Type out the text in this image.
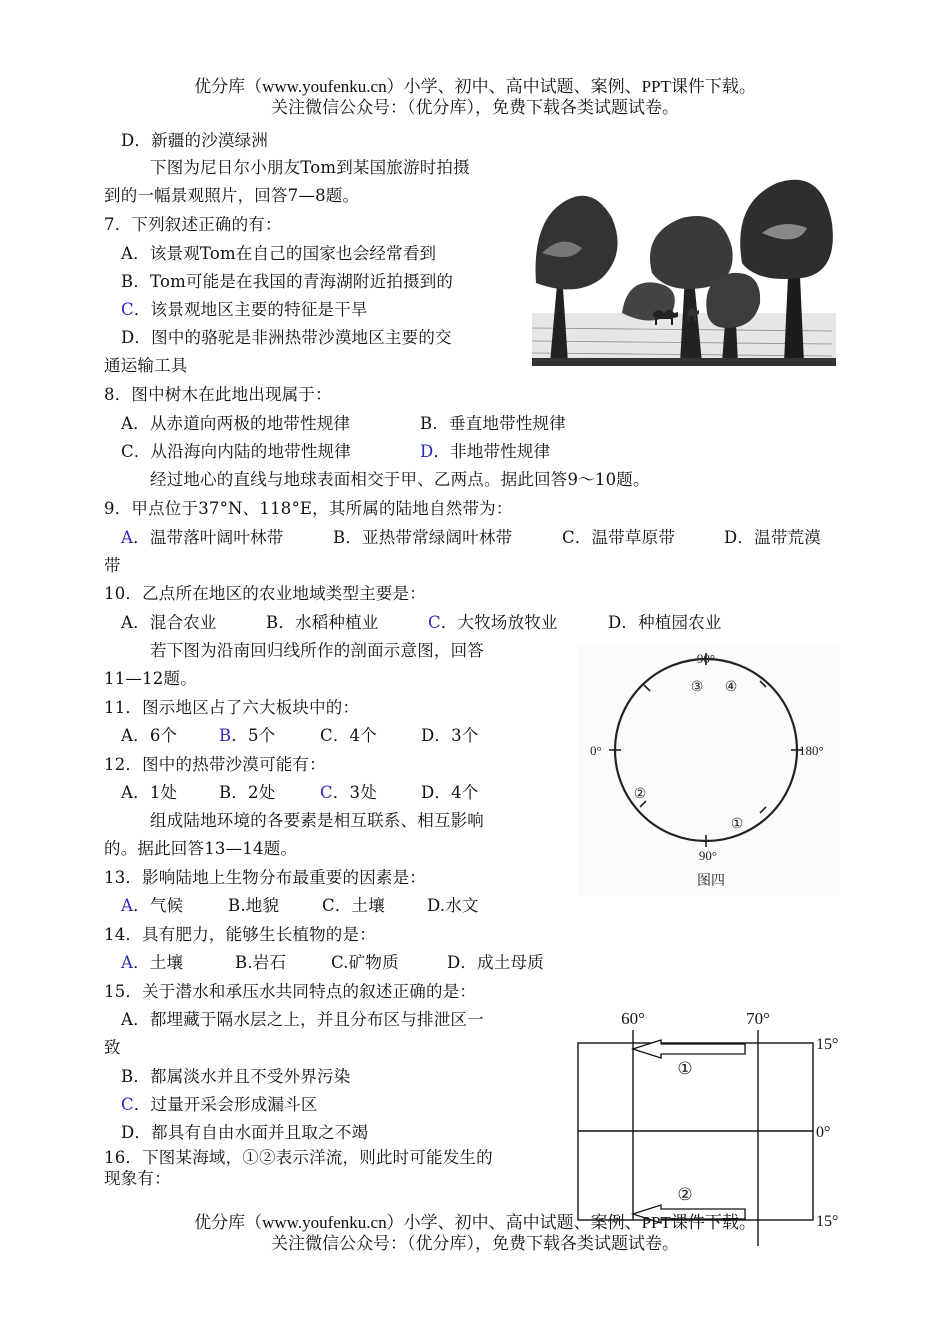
优分库（www.youfenku.cn）小学、初中、高中试题、案例、PPT课件下载。
关注微信公众号：（优分库），免费下载各类试题试卷。
D．新疆的沙漠绿洲
下图为尼日尔小朋友Tom到某国旅游时拍摄
到的一幅景观照片，回答7—8题。
7．下列叙述正确的有：
A．该景观Tom在自己的国家也会经常看到
B．Tom可能是在我国的青海湖附近拍摄到的
C．该景观地区主要的特征是干旱
D．图中的骆驼是非洲热带沙漠地区主要的交
通运输工具
8．图中树木在此地出现属于：
A．从赤道向两极的地带性规律	B．垂直地带性规律
C．从沿海向内陆的地带性规律	D．非地带性规律
经过地心的直线与地球表面相交于甲、乙两点。据此回答9～10题。
9．甲点位于37°N、118°E，其所属的陆地自然带为：
A．温带落叶阔叶林带	B．亚热带常绿阔叶林带	C．温带草原带	D．温带荒漠
带
10．乙点所在地区的农业地域类型主要是：
A．混合农业	B．水稻种植业	C．大牧场放牧业	D．种植园农业
若下图为沿南回归线所作的剖面示意图，回答
11—12题。
11．图示地区占了六大板块中的：
A．6个	B．5个	C．4个	D．3个
12．图中的热带沙漠可能有：
A．1处	B．2处	C．3处	D．4个
组成陆地环境的各要素是相互联系、相互影响
的。据此回答13—14题。
13．影响陆地上生物分布最重要的因素是：
A．气候	B.地貌	C．土壤	D.水文
14．具有肥力，能够生长植物的是：
A．土壤	B.岩石	C.矿物质	D．成土母质
15．关于潜水和承压水共同特点的叙述正确的是：
A．都埋藏于隔水层之上，并且分布区与排泄区一
致
B．都属淡水并且不受外界污染
C．过量开采会形成漏斗区
D．都具有自由水面并且取之不竭
16．下图某海域，①②表示洋流，则此时可能发生的
现象有：
90°
90°
0°	180°
③ ④
②
①
图四
60°	70°
①
②
15°
0°
15°
优分库（www.youfenku.cn）小学、初中、高中试题、案例、PPT课件下载。
关注微信公众号：（优分库），免费下载各类试题试卷。
